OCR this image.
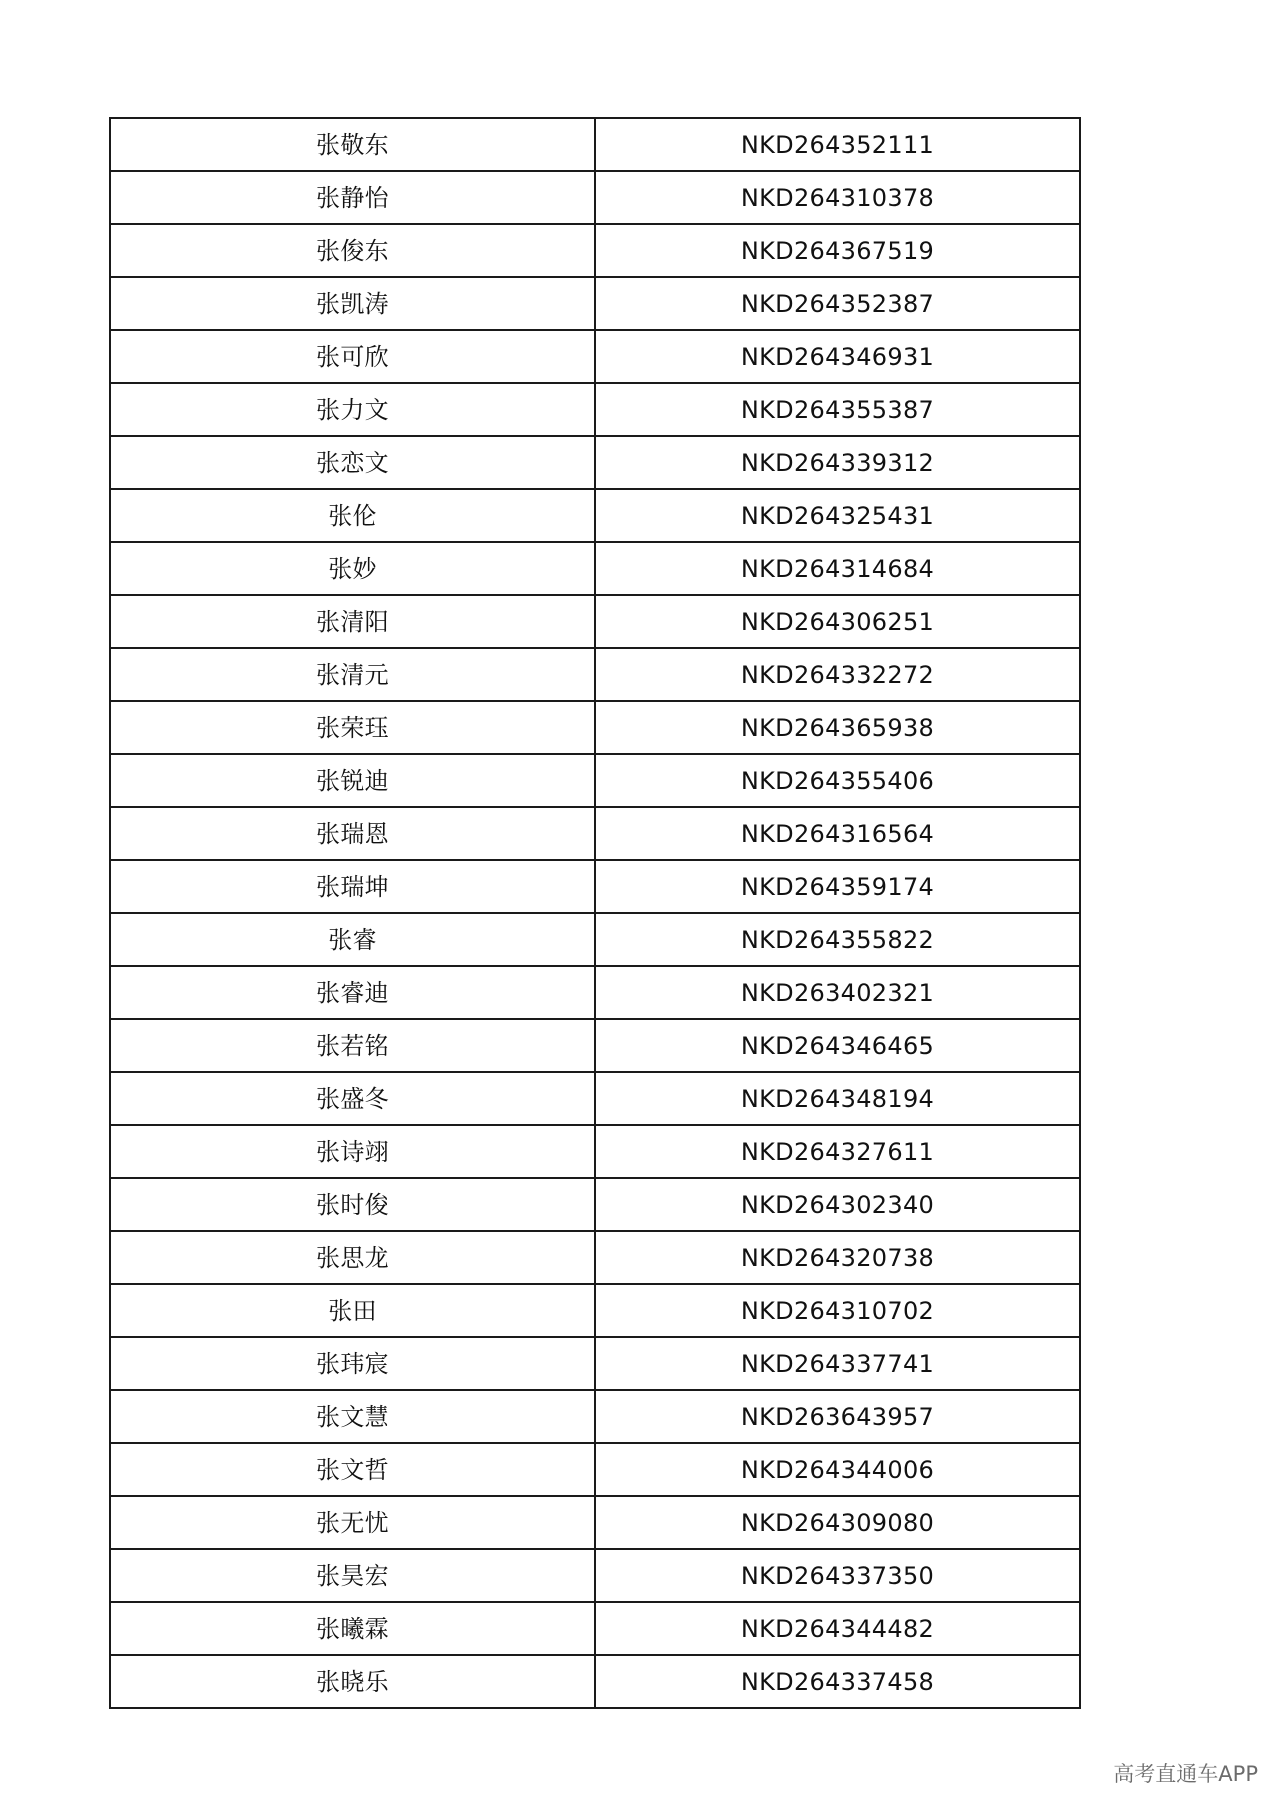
张敬东	NKD264352111
张静怡	NKD264310378
张俊东	NKD264367519
张凯涛	NKD264352387
张可欣	NKD264346931
张力文	NKD264355387
张恋文	NKD264339312
张伦	NKD264325431
张妙	NKD264314684
张清阳	NKD264306251
张清元	NKD264332272
张荣珏	NKD264365938
张锐迪	NKD264355406
张瑞恩	NKD264316564
张瑞坤	NKD264359174
张睿	NKD264355822
张睿迪	NKD263402321
张若铭	NKD264346465
张盛冬	NKD264348194
张诗翊	NKD264327611
张时俊	NKD264302340
张思龙	NKD264320738
张田	NKD264310702
张玮宸	NKD264337741
张文慧	NKD263643957
张文哲	NKD264344006
张无忧	NKD264309080
张昊宏	NKD264337350
张曦霖	NKD264344482
张晓乐	NKD264337458
高考直通车APP
